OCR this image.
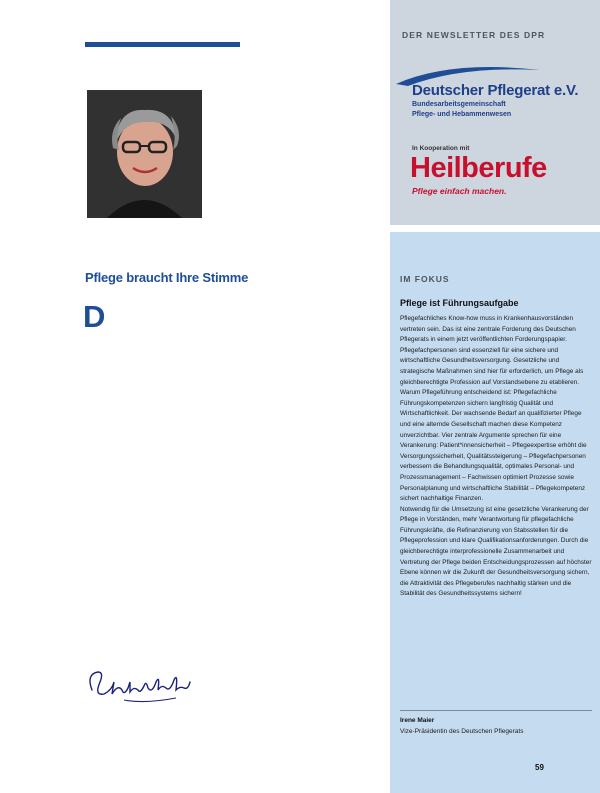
Pflege braucht Ihre Stimme
D
DER NEWSLETTER DES DPR
Deutscher Pflegerat e.V.
Bundesarbeitsgemeinschaft
Pflege- und Hebammenwesen
In Kooperation mit
Heilberufe
Pflege einfach machen.
IM FOKUS
Pflege ist Führungsaufgabe

Pflegefachliches Know-how muss in Krankenhausvorständen vertreten sein. Das ist eine zentrale Forderung des Deutschen Pflegerats in einem jetzt veröffentlichten Forderungspapier. Pflegefachpersonen sind essenziell für eine sichere und wirtschaftliche Gesundheitsversorgung. Gesetzliche und strategische Maßnahmen sind hier für erforderlich, um Pflege als gleichberechtigte Profession auf Vorstandsebene zu etablieren.

Warum Pflegeführung entscheidend ist: Pflegefachliche Führungskompetenzen sichern langfristig Qualität und Wirtschaftlichkeit. Der wachsende Bedarf an qualifizierter Pflege und eine alternde Gesellschaft machen diese Kompetenz unverzichtbar. Vier zentrale Argumente sprechen für eine Verankerung: Patient*innensicherheit – Pflegeexpertise erhöht die Versorgungssicherheit, Qualitätssteigerung – Pflegefachpersonen verbessern die Behandlungsqualität, optimales Personal- und Prozessmanagement – Fachwissen optimiert Prozesse sowie Personalplanung und wirtschaftliche Stabilität – Pflegekompetenz sichert nachhaltige Finanzen.

Notwendig für die Umsetzung ist eine gesetzliche Verankerung der Pflege in Vorständen, mehr Verantwortung für pflegefachliche Führungskräfte, die Refinanzierung von Stabsstellen für die Pflegeprofession und klare Qualifikationsanforderungen. Durch die gleichberechtigte interprofessionelle Zusammenarbeit und Vertretung der Pflege beiden Entscheidungsprozessen auf höchster Ebene können wir die Zukunft der Gesundheitsversorgung sichern, die Attraktivität des Pflegeberufes nachhaltig stärken und die Stabilität des Gesundheitssystems sichern!

Irene Maier
Vize-Präsidentin des Deutschen Pflegerats
59
